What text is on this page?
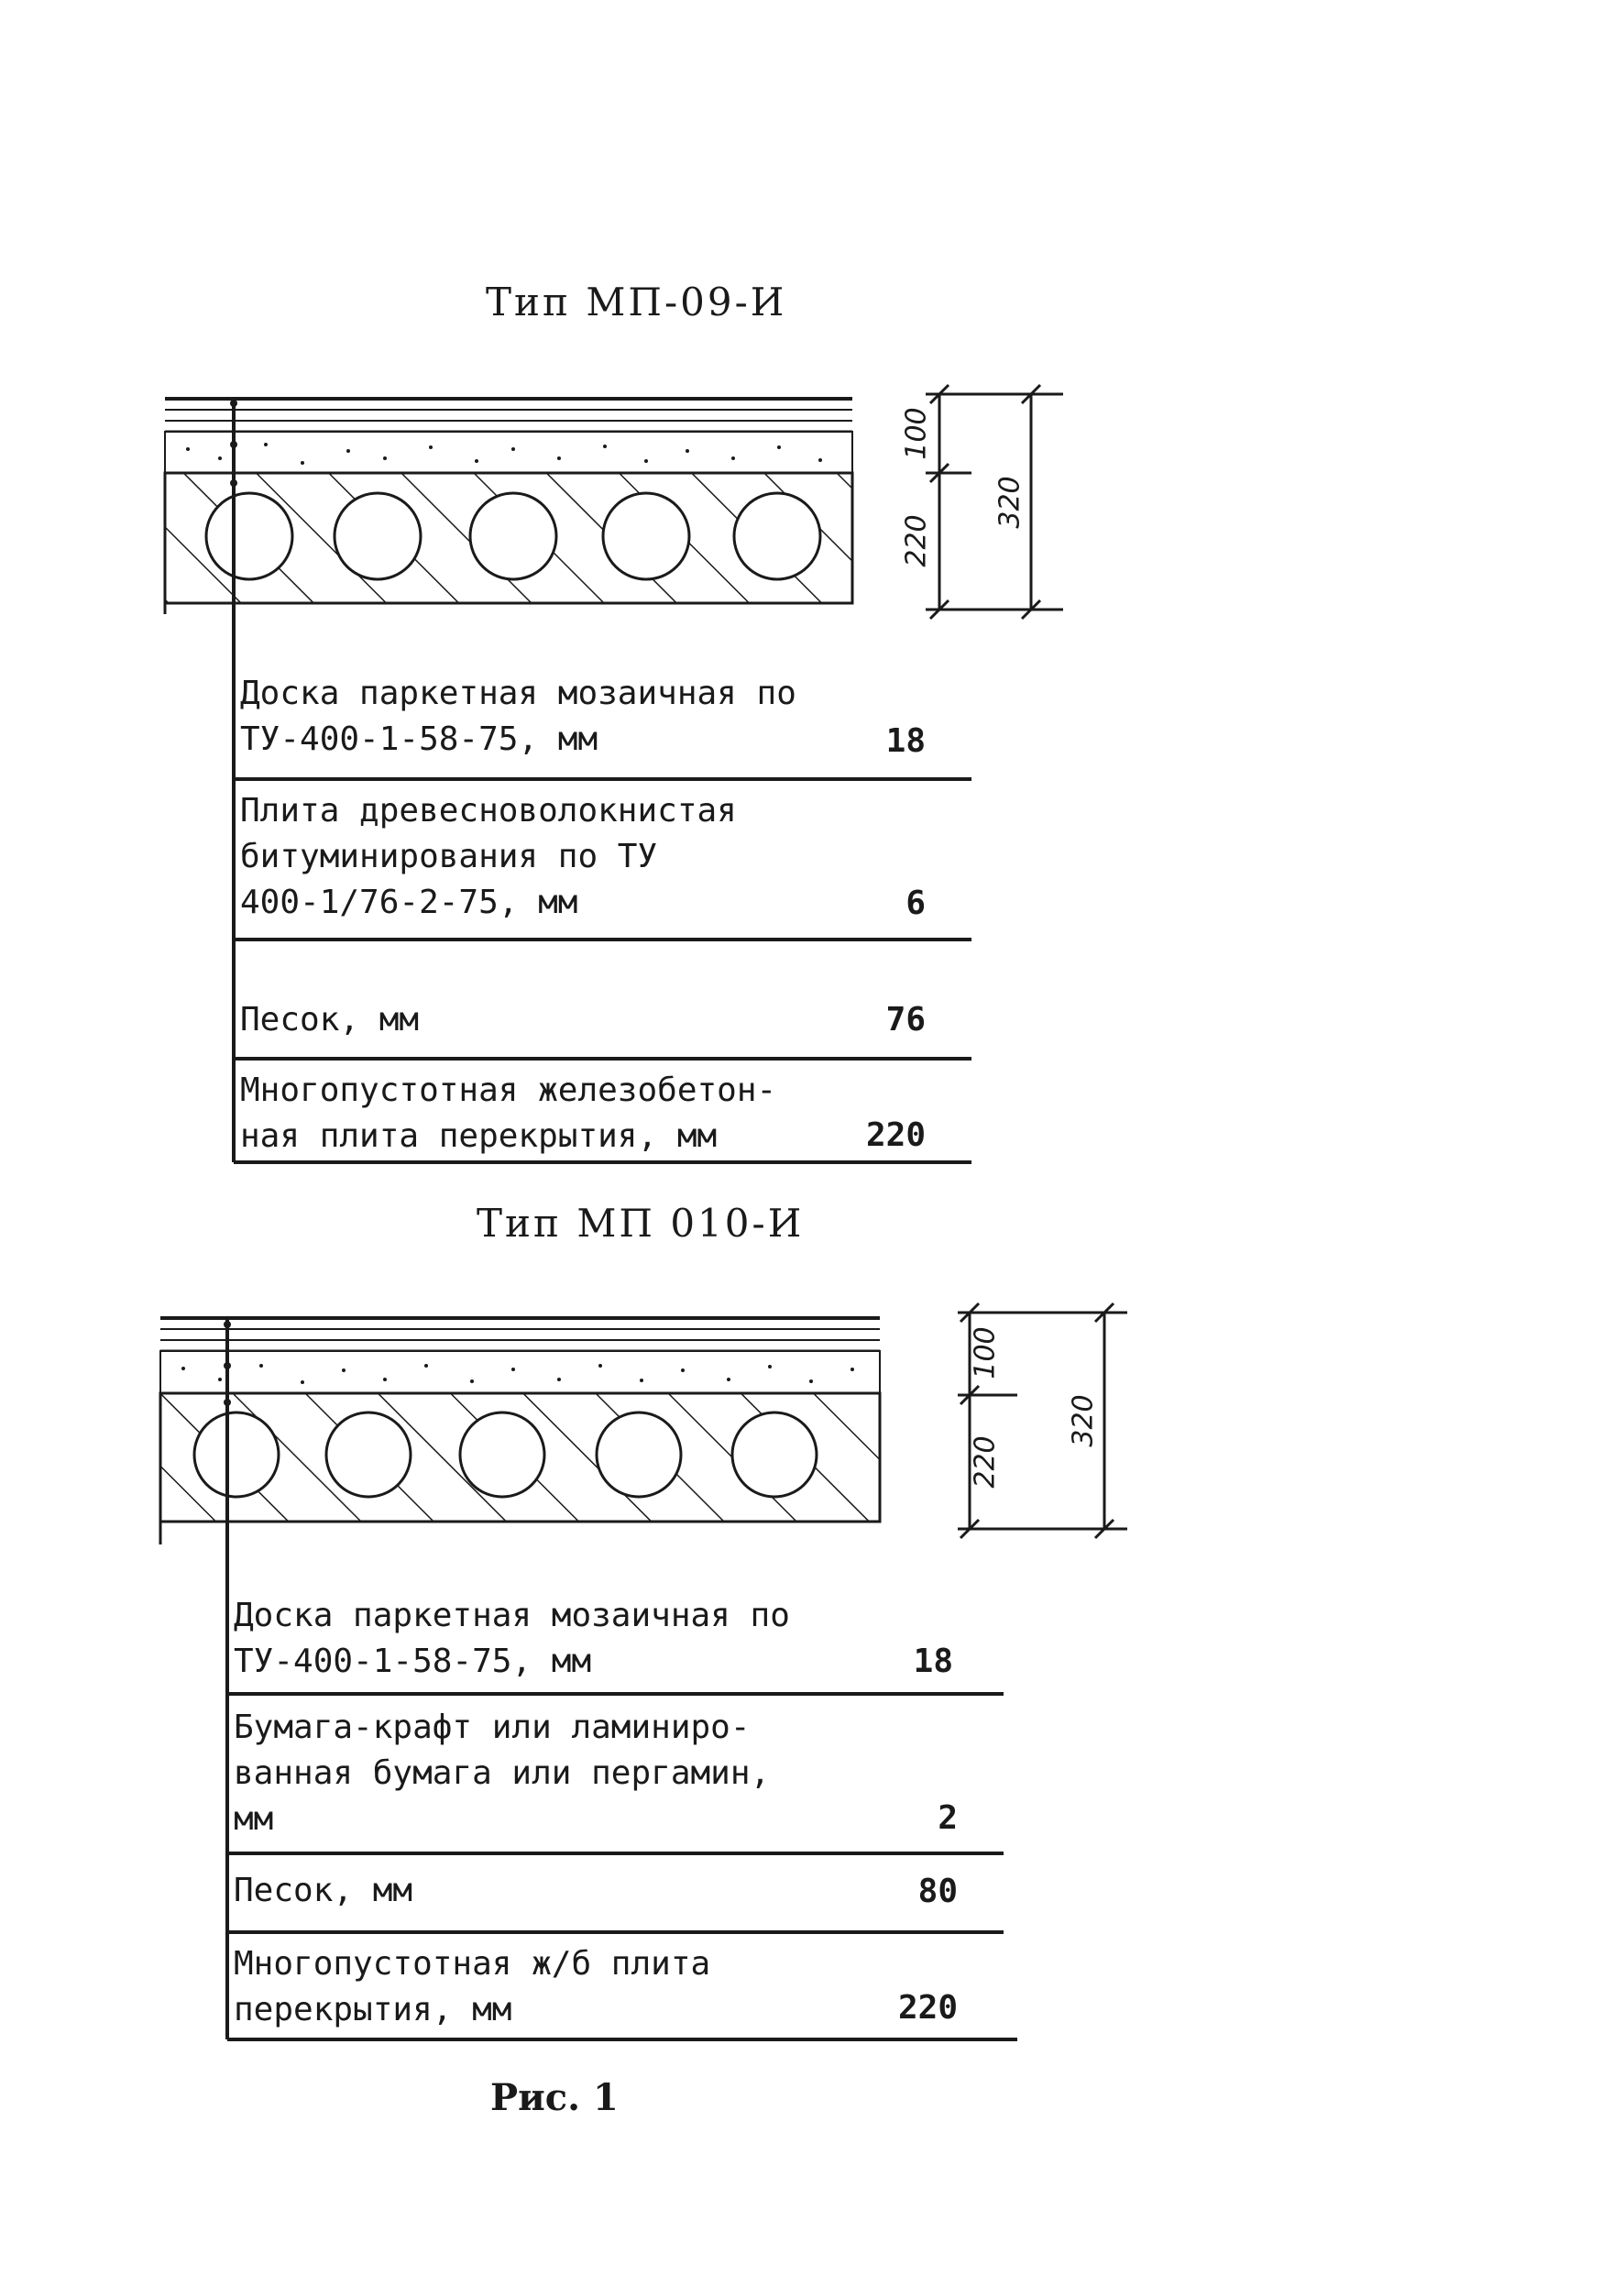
Тип МП-09-И
100
220
320
Доска паркетная мозаичная по
ТУ-400-1-58-75, мм	18
Плита древесноволокнистая
битуминирования по ТУ
400-1/76-2-75, мм	6
Песок, мм	76
Многопустотная железобетон-
ная плита перекрытия, мм	220
Тип МП 010-И
100
220
320
Доска паркетная мозаичная по
ТУ-400-1-58-75, мм	18
Бумага-крафт или ламиниро-
ванная бумага или пергамин,
мм	2
Песок, мм	80
Многопустотная ж/б плита
перекрытия, мм	220
Рис. 1
